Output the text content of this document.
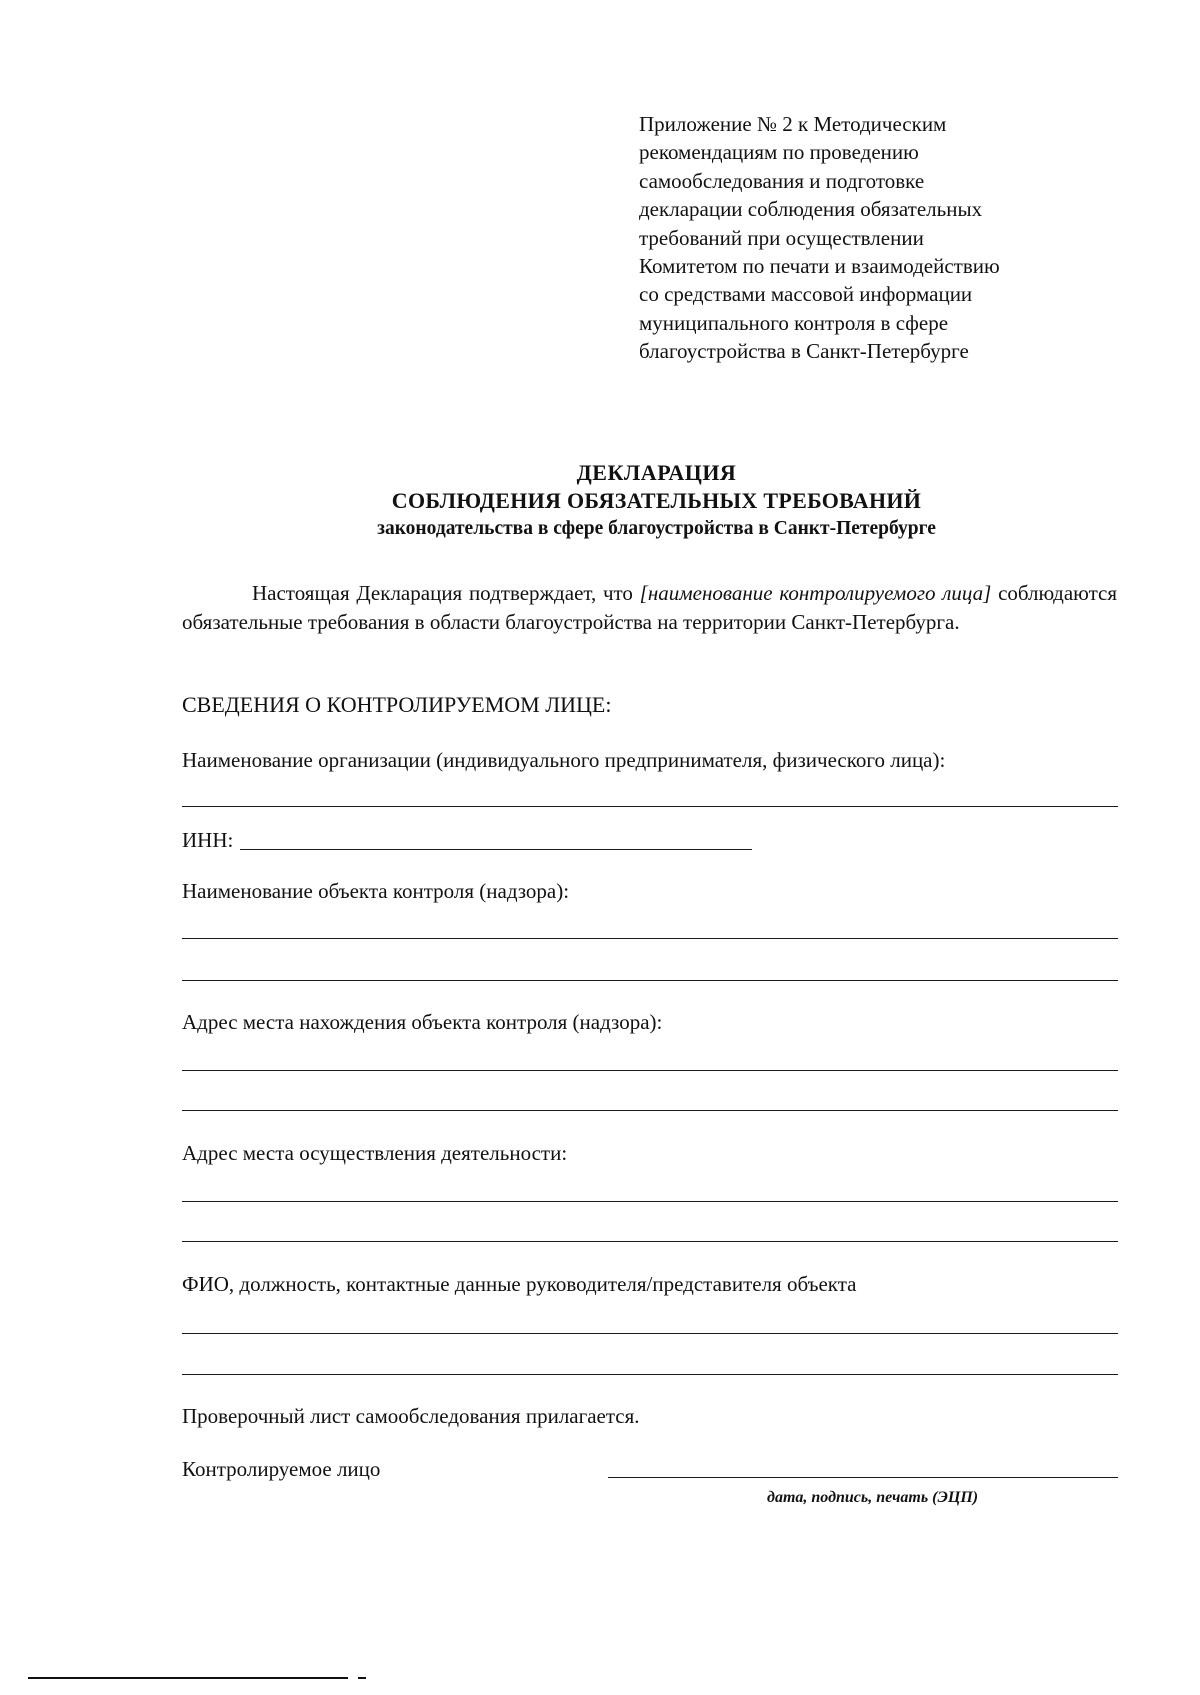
Приложение № 2 к Методическим
рекомендациям по проведению
самообследования и подготовке
декларации соблюдения обязательных
требований при осуществлении
Комитетом по печати и взаимодействию
со средствами массовой информации
муниципального контроля в сфере
благоустройства в Санкт-Петербурге
ДЕКЛАРАЦИЯ
СОБЛЮДЕНИЯ ОБЯЗАТЕЛЬНЫХ ТРЕБОВАНИЙ
законодательства в сфере благоустройства в Санкт-Петербурге

Настоящая Декларация подтверждает, что [наименование контролируемого лица] соблюдаются обязательные требования в области благоустройства на территории Санкт-Петербурга.

СВЕДЕНИЯ О КОНТРОЛИРУЕМОМ ЛИЦЕ:
Наименование организации (индивидуального предпринимателя, физического лица):
ИНН:
Наименование объекта контроля (надзора):
Адрес места нахождения объекта контроля (надзора):
Адрес места осуществления деятельности:
ФИО, должность, контактные данные руководителя/представителя объекта
Проверочный лист самообследования прилагается.
Контролируемое лицо
дата, подпись, печать (ЭЦП)
